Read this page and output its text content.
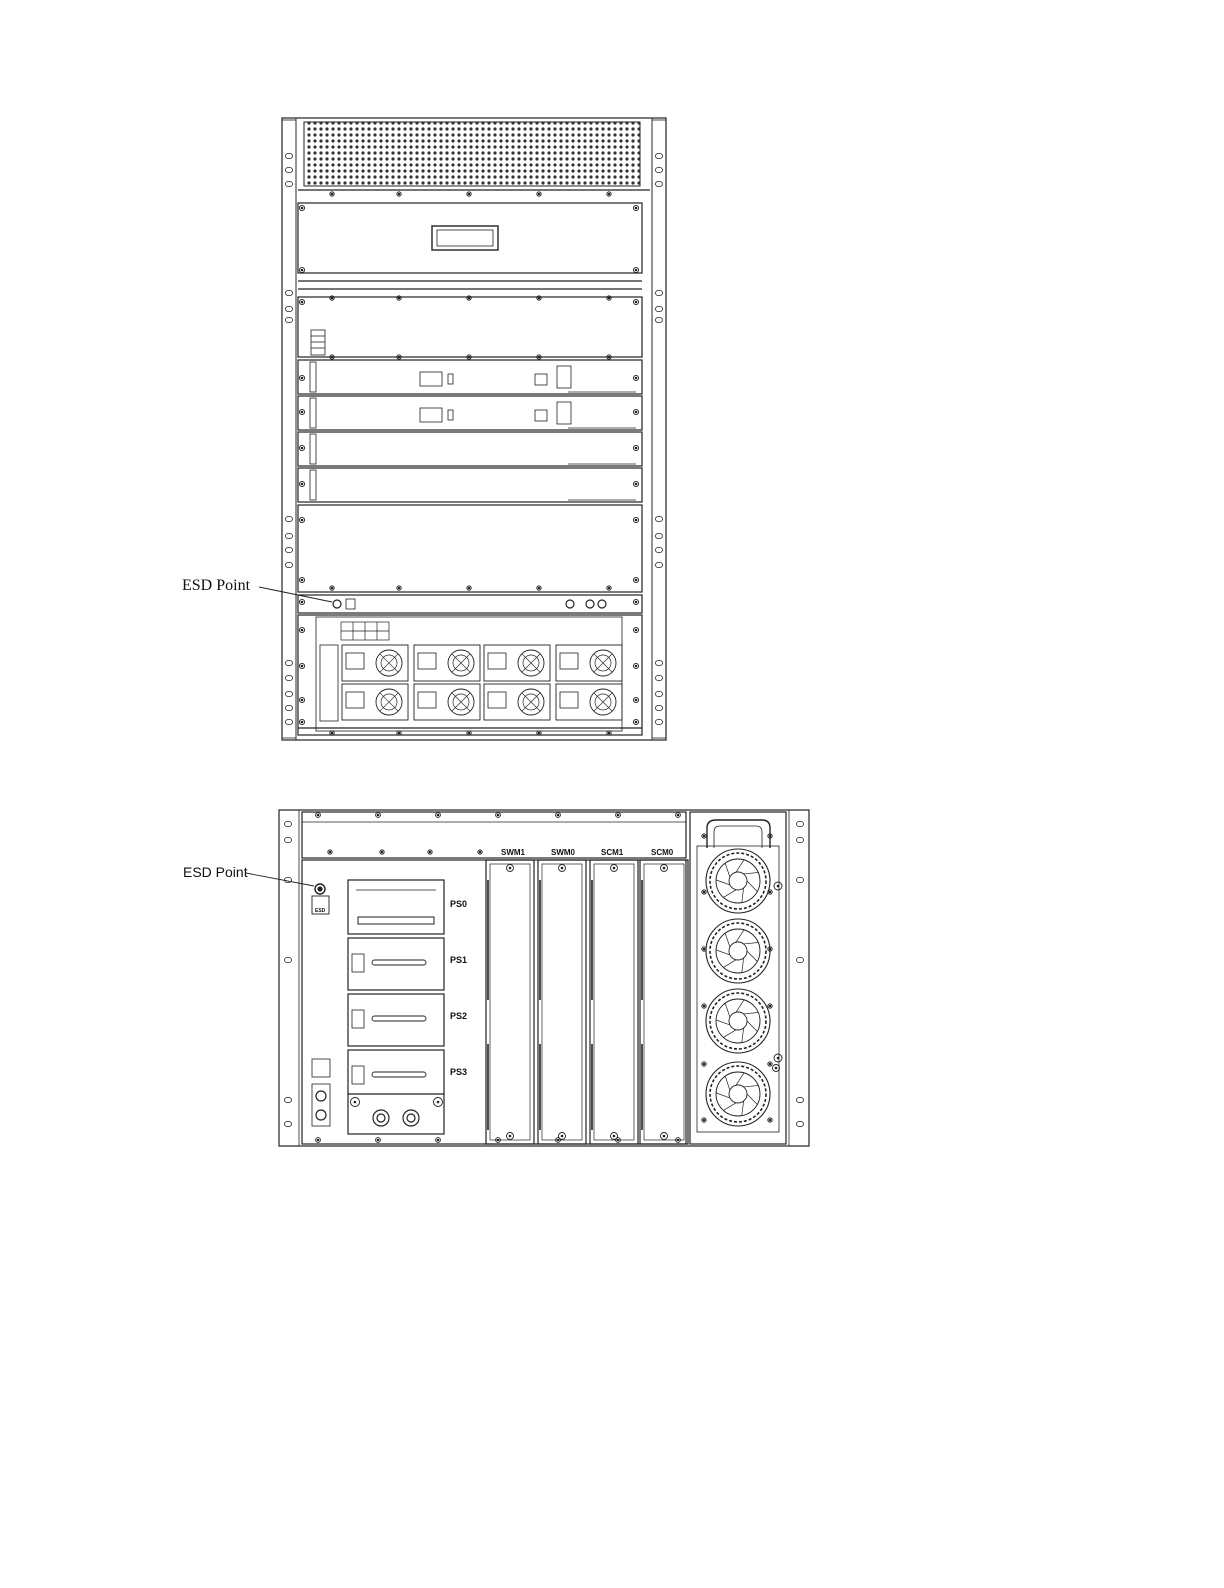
ESD Point
PS0
PS1
PS2
PS3
SWM1	SWM0	SCM1	SCM0
ESD
ESD Point
